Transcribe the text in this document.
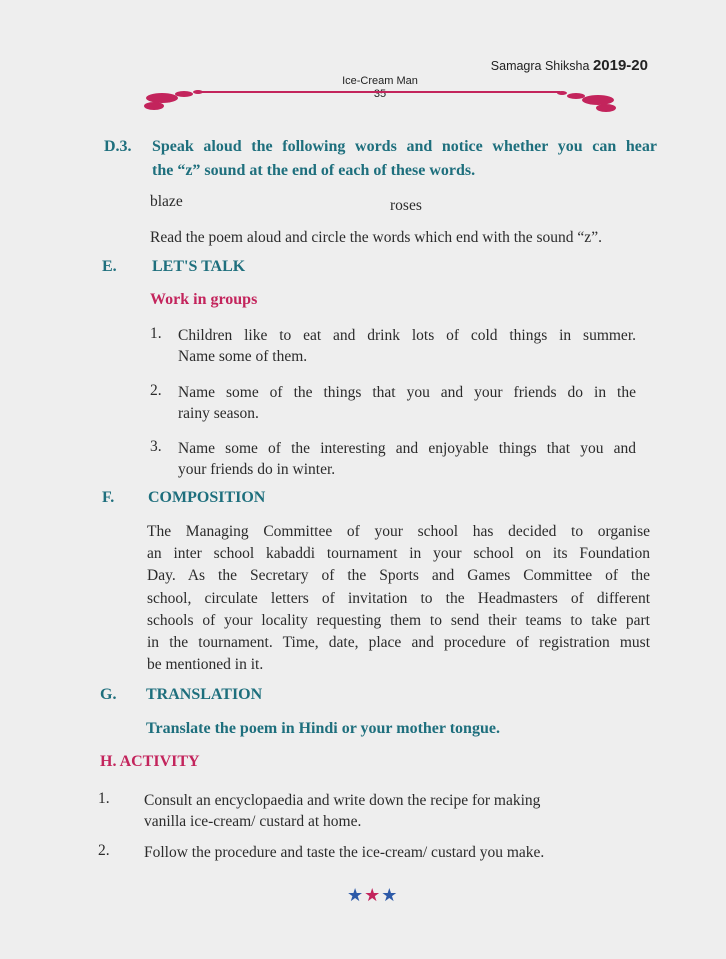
Samagra Shiksha 2019-20
Ice-Cream Man
35
D.3. Speak aloud the following words and notice whether you can hear
the “z” sound at the end of each of these words.
blaze	roses
Read the poem aloud and circle the words which end with the sound “z”.
E. LET'S TALK
Work in groups
1. Children like to eat and drink lots of cold things in summer.
Name some of them.
2. Name some of the things that you and your friends do in the
rainy season.
3. Name some of the interesting and enjoyable things that you and
your friends do in winter.
F. COMPOSITION
The Managing Committee of your school has decided to organise
an inter school kabaddi tournament in your school on its Foundation
Day. As the Secretary of the Sports and Games Committee of the
school, circulate letters of invitation to the Headmasters of different
schools of your locality requesting them to send their teams to take part
in the tournament. Time, date, place and procedure of registration must
be mentioned in it.
G. TRANSLATION
Translate the poem in Hindi or your mother tongue.
H. ACTIVITY
1. Consult an encyclopaedia and write down the recipe for making
vanilla ice-cream/ custard at home.
2. Follow the procedure and taste the ice-cream/ custard you make.
★★★
